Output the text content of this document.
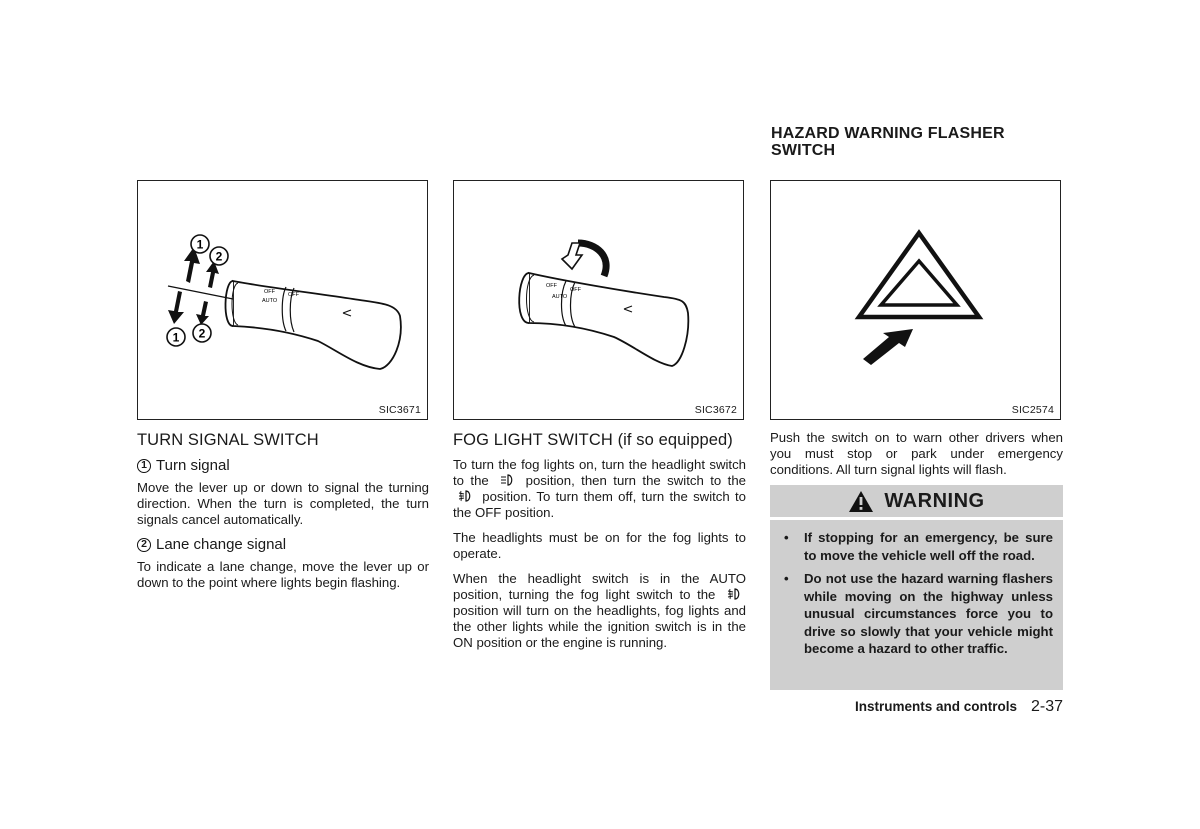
HAZARD WARNING FLASHER SWITCH
OFF
AUTO
OFF
1
2
1 2
SIC3671
OFF
AUTO
OFF
SIC3672	SIC2574
TURN SIGNAL SWITCH
1 Turn signal
Move the lever up or down to signal the turning direction. When the turn is completed, the turn signals cancel automatically.
2 Lane change signal
To indicate a lane change, move the lever up or down to the point where lights begin flashing.
FOG LIGHT SWITCH (if so equipped)
To turn the fog lights on, turn the headlight switch to the	position, then turn the switch to the  position. To turn them off, turn the switch to the OFF position.
The headlights must be on for the fog lights to operate.
When the headlight switch is in the AUTO position, turning the fog light switch to the  position will turn on the headlights, fog lights and the other lights while the ignition switch is in the ON position or the engine is running.
Push the switch on to warn other drivers when you must stop or park under emergency conditions. All turn signal lights will flash.
WARNING
• If stopping for an emergency, be sure to move the vehicle well off the road.
• Do not use the hazard warning flashers while moving on the highway unless unusual circumstances force you to drive so slowly that your vehicle might become a hazard to other traffic.
Instruments and controls 2-37
